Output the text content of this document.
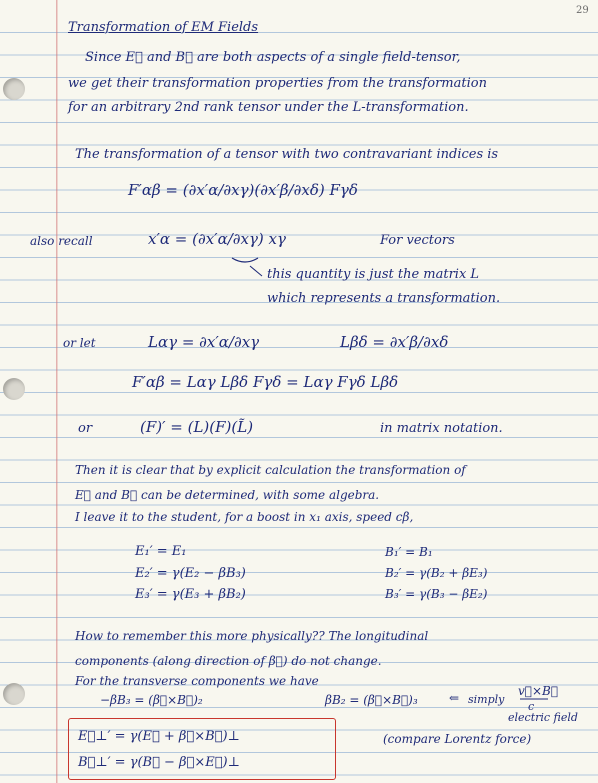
29
Transformation of EM Fields
Since E⃗ and B⃗ are both aspects of a single field-tensor,
we get their transformation properties from the transformation
for an arbitrary 2nd rank tensor under the L-transformation.
The transformation of a tensor with two contravariant indices is
F′αβ = (∂x′α/∂xγ)(∂x′β/∂xδ) Fγδ
also recall	x′α = (∂x′α/∂xγ) xγ	For vectors
this quantity is just the matrix L
which represents a transformation.
or let	Lαγ = ∂x′α/∂xγ	Lβδ = ∂x′β/∂xδ
F′αβ = Lαγ Lβδ Fγδ = Lαγ Fγδ Lβδ
or	(F)′ = (L)(F)(L̃)	in matrix notation.
Then it is clear that by explicit calculation the transformation of
E⃗ and B⃗ can be determined, with some algebra.
I leave it to the student, for a boost in x₁ axis, speed cβ,
E₁′ = E₁
E₂′ = γ(E₂ − βB₃)
E₃′ = γ(E₃ + βB₂)
B₁′ = B₁
B₂′ = γ(B₂ + βE₃)
B₃′ = γ(B₃ − βE₂)
How to remember this more physically?? The longitudinal
components (along direction of β⃗) do not change.
For the transverse components we have
−βB₃ = (β⃗×B⃗)₂	βB₂ = (β⃗×B⃗)₃	⇐ simply
v⃗×B⃗
c
electric field
E⃗⊥′ = γ(E⃗ + β⃗×B⃗)⊥
B⃗⊥′ = γ(B⃗ − β⃗×E⃗)⊥
(compare Lorentz force)
